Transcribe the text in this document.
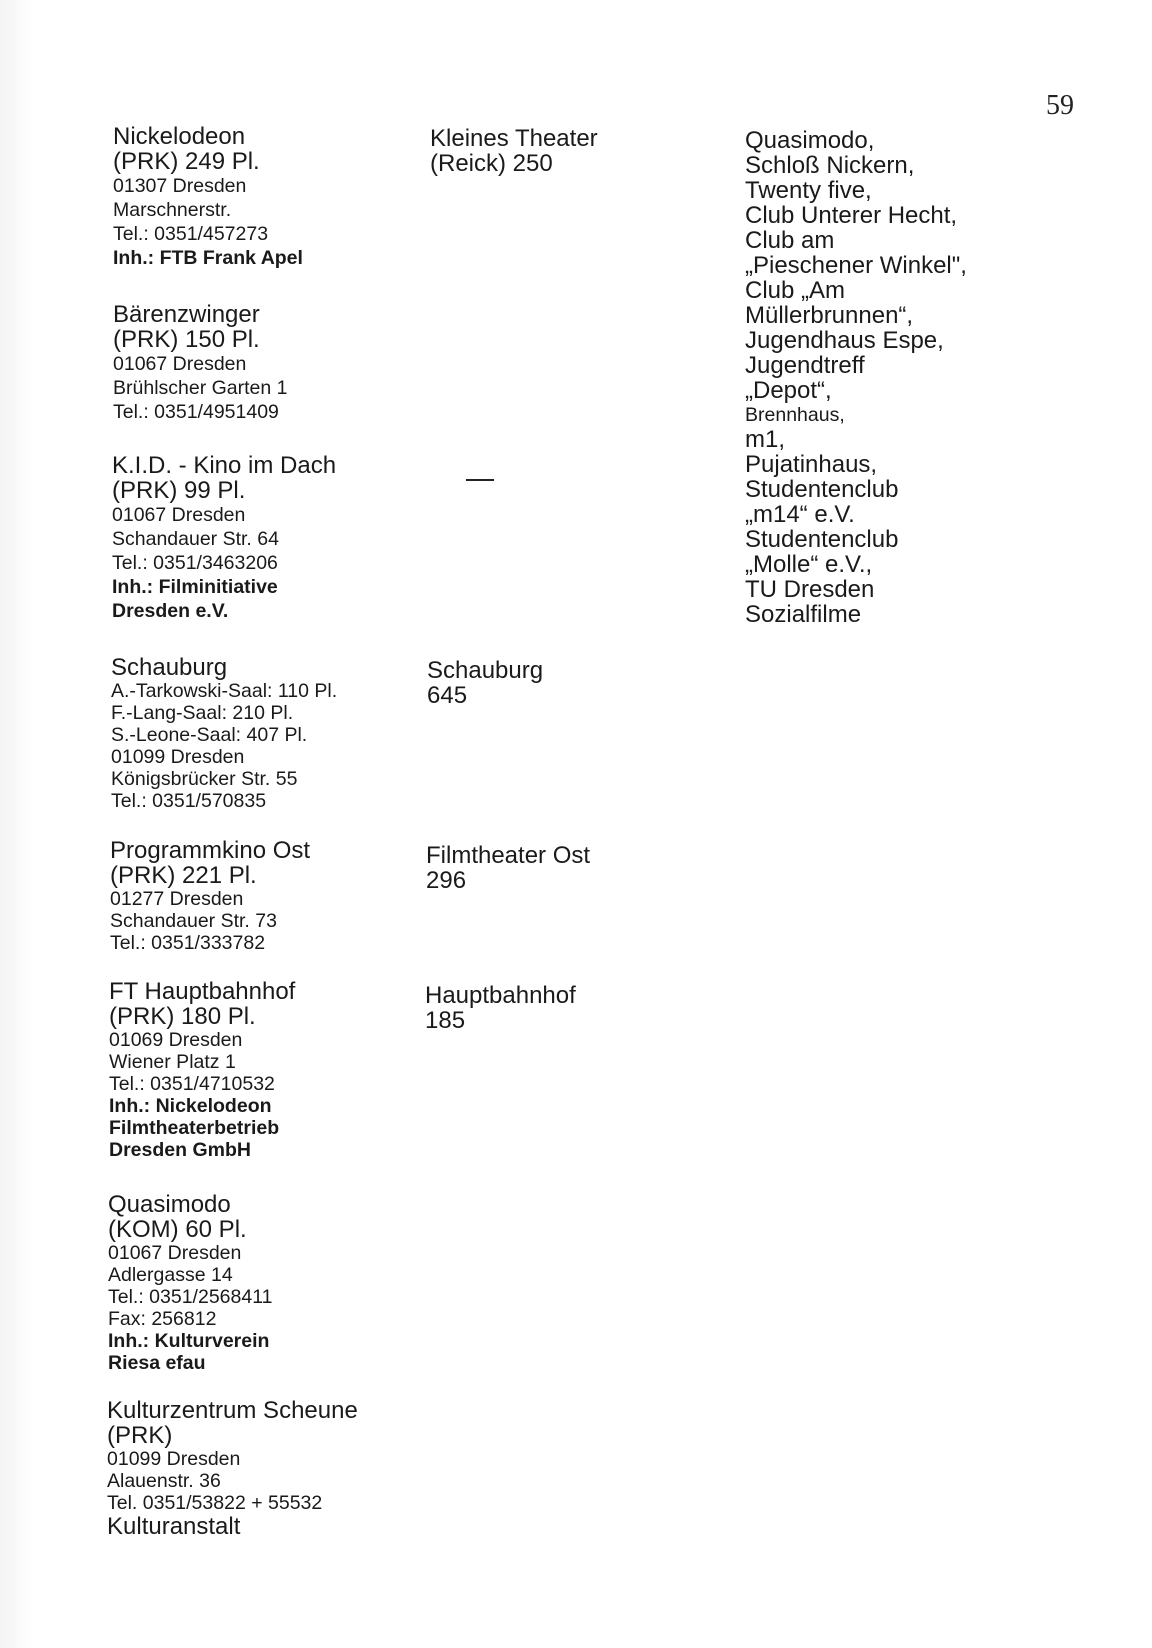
59
Nickelodeon
(PRK) 249 Pl.
01307 Dresden
Marschnerstr.
Tel.: 0351/457273
Inh.: FTB Frank Apel
Bärenzwinger
(PRK) 150 Pl.
01067 Dresden
Brühlscher Garten 1
Tel.: 0351/4951409
K.I.D. - Kino im Dach
(PRK) 99 Pl.
01067 Dresden
Schandauer Str. 64
Tel.: 0351/3463206
Inh.: Filminitiative
Dresden e.V.
Schauburg
A.-Tarkowski-Saal: 110 Pl.
F.-Lang-Saal: 210 Pl.
S.-Leone-Saal: 407 Pl.
01099 Dresden
Königsbrücker Str. 55
Tel.: 0351/570835
Programmkino Ost
(PRK) 221 Pl.
01277 Dresden
Schandauer Str. 73
Tel.: 0351/333782
FT Hauptbahnhof
(PRK) 180 Pl.
01069 Dresden
Wiener Platz 1
Tel.: 0351/4710532
Inh.: Nickelodeon
Filmtheaterbetrieb
Dresden GmbH
Quasimodo
(KOM) 60 Pl.
01067 Dresden
Adlergasse 14
Tel.: 0351/2568411
Fax: 256812
Inh.: Kulturverein
Riesa efau
Kulturzentrum Scheune
(PRK)
01099 Dresden
Alauenstr. 36
Tel. 0351/53822 + 55532
Kulturanstalt
Kleines Theater
(Reick) 250
Schauburg
645
Filmtheater Ost
296
Hauptbahnhof
185
Quasimodo,
Schloß Nickern,
Twenty five,
Club Unterer Hecht,
Club am
„Pieschener Winkel",
Club „Am
Müllerbrunnen“,
Jugendhaus Espe,
Jugendtreff
„Depot“,
Brennhaus,
m1,
Pujatinhaus,
Studentenclub
„m14“ e.V.
Studentenclub
„Molle“ e.V.,
TU Dresden
Sozialfilme
